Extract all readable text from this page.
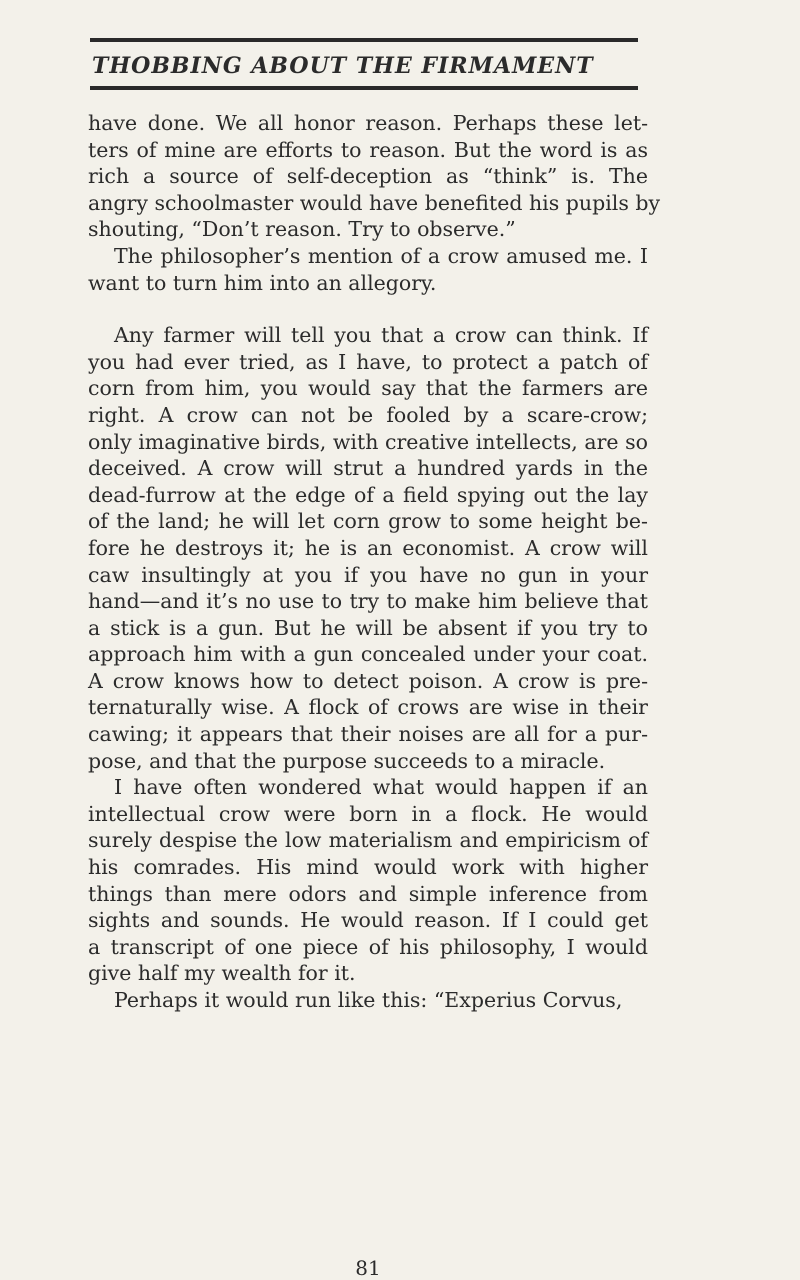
THOBBING ABOUT THE FIRMAMENT
have done. We all honor reason. Perhaps these let-
ters of mine are efforts to reason. But the word is as
rich a source of self-deception as “think” is. The
angry schoolmaster would have benefited his pupils by
shouting, “Don’t reason. Try to observe.”
The philosopher’s mention of a crow amused me. I
want to turn him into an allegory.
Any farmer will tell you that a crow can think. If
you had ever tried, as I have, to protect a patch of
corn from him, you would say that the farmers are
right. A crow can not be fooled by a scare-crow;
only imaginative birds, with creative intellects, are so
deceived. A crow will strut a hundred yards in the
dead-furrow at the edge of a field spying out the lay
of the land; he will let corn grow to some height be-
fore he destroys it; he is an economist. A crow will
caw insultingly at you if you have no gun in your
hand—and it’s no use to try to make him believe that
a stick is a gun. But he will be absent if you try to
approach him with a gun concealed under your coat.
A crow knows how to detect poison. A crow is pre-
ternaturally wise. A flock of crows are wise in their
cawing; it appears that their noises are all for a pur-
pose, and that the purpose succeeds to a miracle.
I have often wondered what would happen if an
intellectual crow were born in a flock. He would
surely despise the low materialism and empiricism of
his comrades. His mind would work with higher
things than mere odors and simple inference from
sights and sounds. He would reason. If I could get
a transcript of one piece of his philosophy, I would
give half my wealth for it.
Perhaps it would run like this: “Experius Corvus,
81
